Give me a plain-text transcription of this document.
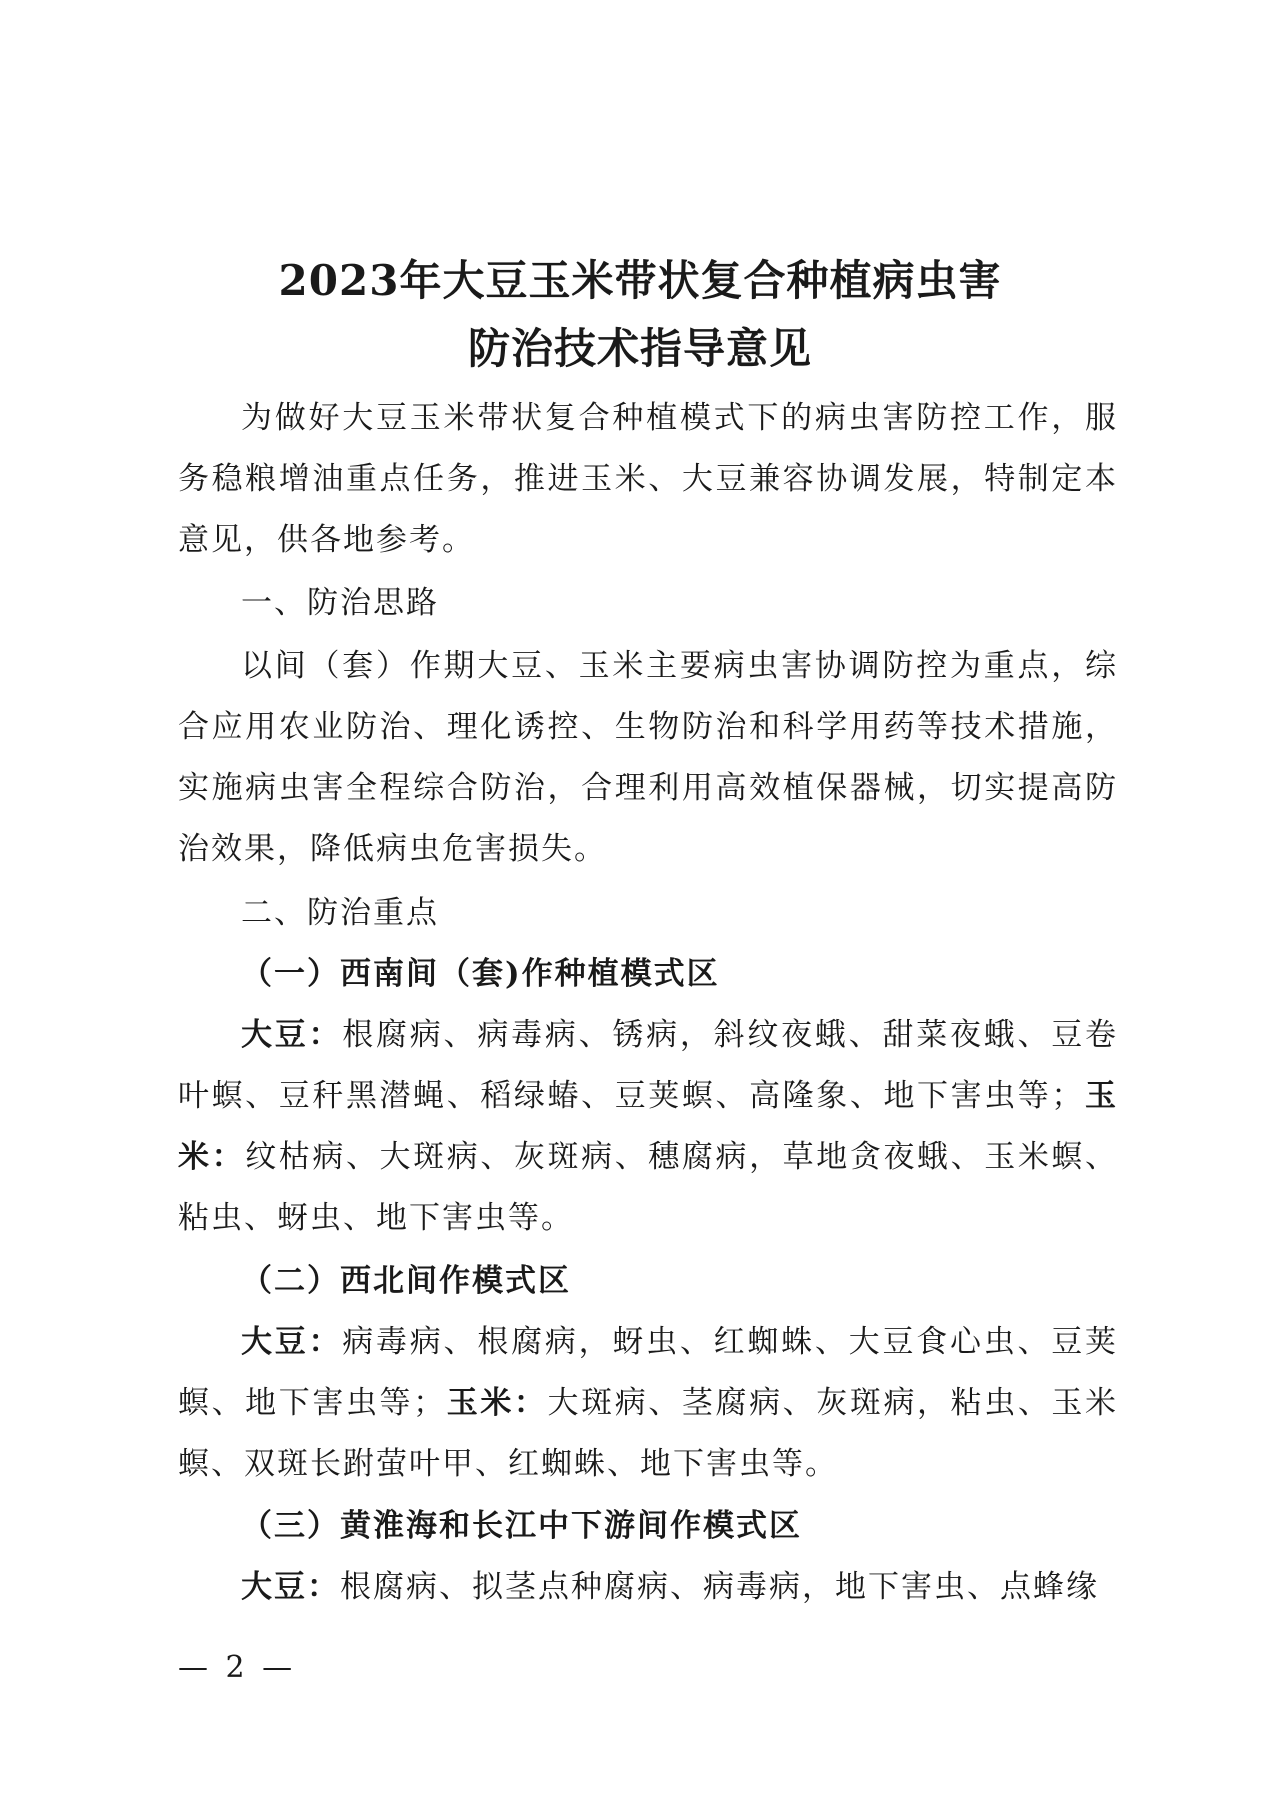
2023年大豆玉米带状复合种植病虫害
防治技术指导意见

为做好大豆玉米带状复合种植模式下的病虫害防控工作，服务稳粮增油重点任务，推进玉米、大豆兼容协调发展，特制定本意见，供各地参考。

一、防治思路

以间（套）作期大豆、玉米主要病虫害协调防控为重点，综合应用农业防治、理化诱控、生物防治和科学用药等技术措施，实施病虫害全程综合防治，合理利用高效植保器械，切实提高防治效果，降低病虫危害损失。

二、防治重点

（一）西南间（套)作种植模式区

大豆：根腐病、病毒病、锈病，斜纹夜蛾、甜菜夜蛾、豆卷叶螟、豆秆黑潜蝇、稻绿蝽、豆荚螟、高隆象、地下害虫等；玉米：纹枯病、大斑病、灰斑病、穗腐病，草地贪夜蛾、玉米螟、粘虫、蚜虫、地下害虫等。

（二）西北间作模式区

大豆：病毒病、根腐病，蚜虫、红蜘蛛、大豆食心虫、豆荚螟、地下害虫等；玉米：大斑病、茎腐病、灰斑病，粘虫、玉米螟、双斑长跗萤叶甲、红蜘蛛、地下害虫等。

（三）黄淮海和长江中下游间作模式区

大豆：根腐病、拟茎点种腐病、病毒病，地下害虫、点蜂缘

— 2 —
